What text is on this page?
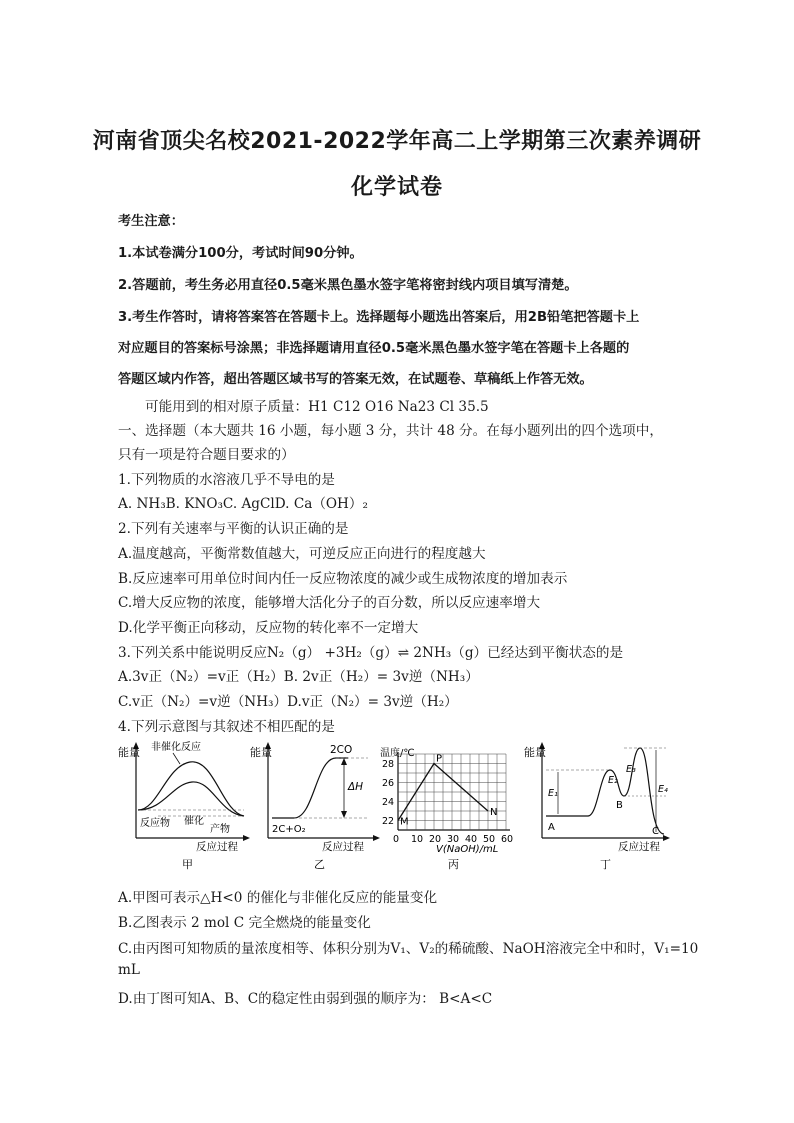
河南省顶尖名校2021-2022学年高二上学期第三次素养调研
化学试卷
考生注意：
1.本试卷满分100分，考试时间90分钟。
2.答题前，考生务必用直径0.5毫米黑色墨水签字笔将密封线内项目填写清楚。
3.考生作答时，请将答案答在答题卡上。选择题每小题选出答案后，用2B铅笔把答题卡上
对应题目的答案标号涂黑；非选择题请用直径0.5毫米黑色墨水签字笔在答题卡上各题的
答题区域内作答，超出答题区域书写的答案无效，在试题卷、草稿纸上作答无效。
可能用到的相对原子质量：H1 C12 O16 Na23 Cl 35.5
一、选择题（本大题共 16 小题，每小题 3 分，共计 48 分。在每小题列出的四个选项中，
只有一项是符合题目要求的）
1.下列物质的水溶液几乎不导电的是
A. NH₃B. KNO₃C. AgClD. Ca（OH）₂
2.下列有关速率与平衡的认识正确的是
A.温度越高，平衡常数值越大，可逆反应正向进行的程度越大
B.反应速率可用单位时间内任一反应物浓度的减少或生成物浓度的增加表示
C.增大反应物的浓度，能够增大活化分子的百分数，所以反应速率增大
D.化学平衡正向移动，反应物的转化率不一定增大
3.下列关系中能说明反应N₂（g） +3H₂（g）⇌ 2NH₃（g）已经达到平衡状态的是
A.3v正（N₂）=v正（H₂）B. 2v正（H₂）= 3v逆（NH₃）
C.v正（N₂）=v逆（NH₃）D.v正（N₂）= 3v逆（H₂）
4.下列示意图与其叙述不相匹配的是
能量 非催化反应
催化
反应物
产物
反应过程
甲
能量	2CO
ΔH
2C+O₂
反应过程
乙
温度/℃
28
26
24
22
0 10 20 30 40 50 60
P
M
N
V(NaOH)/mL
丙
能量
E₁
E₂
E₃
E₄
A
B
C
反应过程
丁
A.甲图可表示△H<0 的催化与非催化反应的能量变化
B.乙图表示 2 mol C 完全燃烧的能量变化
C.由丙图可知物质的量浓度相等、体积分别为V₁、V₂的稀硫酸、NaOH溶液完全中和时，V₁=10
mL
D.由丁图可知A、B、C的稳定性由弱到强的顺序为： B<A<C
